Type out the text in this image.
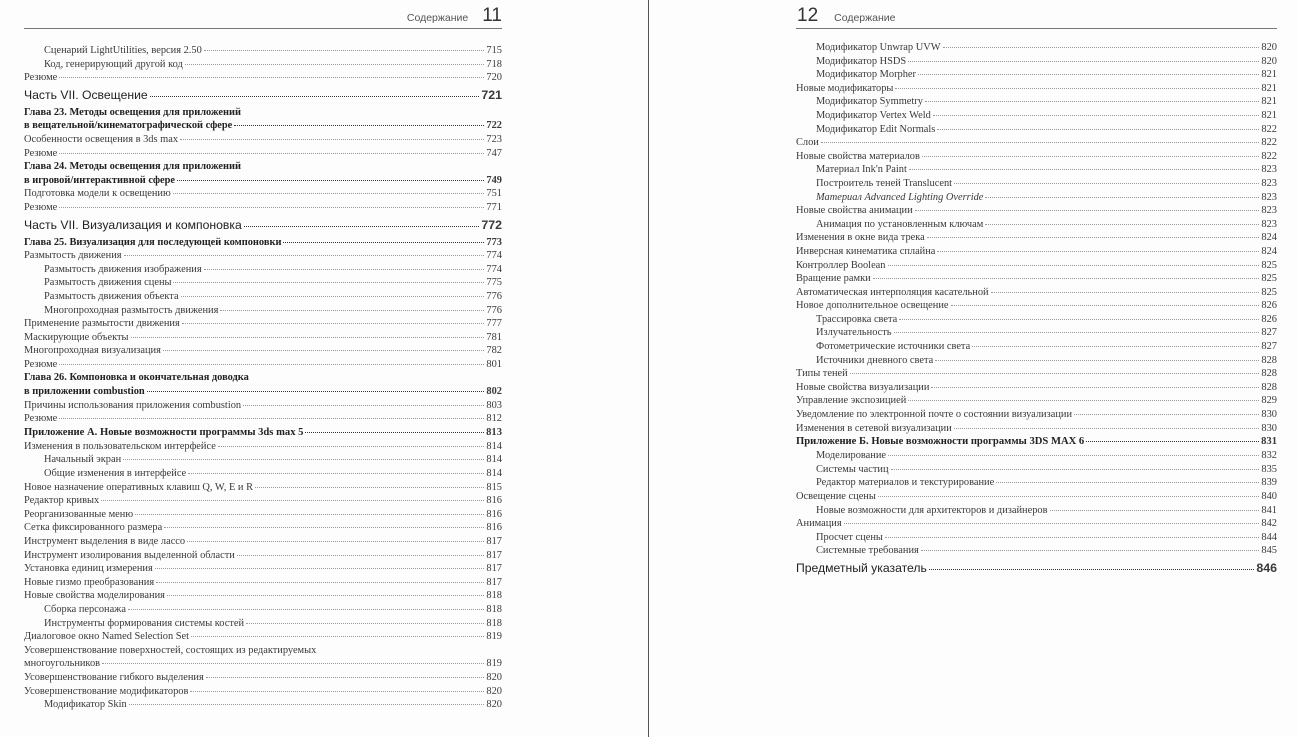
Содержание 11
Сценарий LightUtilities, версия 2.50	715
Код, генерирующий другой код	718
Резюме	720
Часть VII. Освещение	721
Глава 23. Методы освещения для приложений
в вещательной/кинематографической сфере	722
Особенности освещения в 3ds max	723
Резюме	747
Глава 24. Методы освещения для приложений
в игровой/интерактивной сфере	749
Подготовка модели к освещению	751
Резюме	771
Часть VII. Визуализация и компоновка	772
Глава 25. Визуализация для последующей компоновки	773
Размытость движения	774
Размытость движения изображения	774
Размытость движения сцены	775
Размытость движения объекта	776
Многопроходная размытость движения	776
Применение размытости движения	777
Маскирующие объекты	781
Многопроходная визуализация	782
Резюме	801
Глава 26. Компоновка и окончательная доводка
в приложении combustion	802
Причины использования приложения combustion	803
Резюме	812
Приложение А. Новые возможности программы 3ds max 5	813
Изменения в пользовательском интерфейсе	814
Начальный экран	814
Общие изменения в интерфейсе	814
Новое назначение оперативных клавиш Q, W, E и R	815
Редактор кривых	816
Реорганизованные меню	816
Сетка фиксированного размера	816
Инструмент выделения в виде лассо	817
Инструмент изолирования выделенной области	817
Установка единиц измерения	817
Новые гизмо преобразования	817
Новые свойства моделирования	818
Сборка персонажа	818
Инструменты формирования системы костей	818
Диалоговое окно Named Selection Set	819
Усовершенствование поверхностей, состоящих из редактируемых
многоугольников	819
Усовершенствование гибкого выделения	820
Усовершенствование модификаторов	820
Модификатор Skin	820
12 Содержание
Модификатор Unwrap UVW	820
Модификатор HSDS	820
Модификатор Morpher	821
Новые модификаторы	821
Модификатор Symmetry	821
Модификатор Vertex Weld	821
Модификатор Edit Normals	822
Слои	822
Новые свойства материалов	822
Материал Ink'n Paint	823
Построитель теней Translucent	823
Материал Advanced Lighting Override	823
Новые свойства анимации	823
Анимация по установленным ключам	823
Изменения в окне вида трека	824
Инверсная кинематика сплайна	824
Контроллер Boolean	825
Вращение рамки	825
Автоматическая интерполяция касательной	825
Новое дополнительное освещение	826
Трассировка света	826
Излучательность	827
Фотометрические источники света	827
Источники дневного света	828
Типы теней	828
Новые свойства визуализации	828
Управление экспозицией	829
Уведомление по электронной почте о состоянии визуализации	830
Изменения в сетевой визуализации	830
Приложение Б. Новые возможности программы 3DS MAX 6	831
Моделирование	832
Системы частиц	835
Редактор материалов и текстурирование	839
Освещение сцены	840
Новые возможности для архитекторов и дизайнеров	841
Анимация	842
Просчет сцены	844
Системные требования	845
Предметный указатель	846
